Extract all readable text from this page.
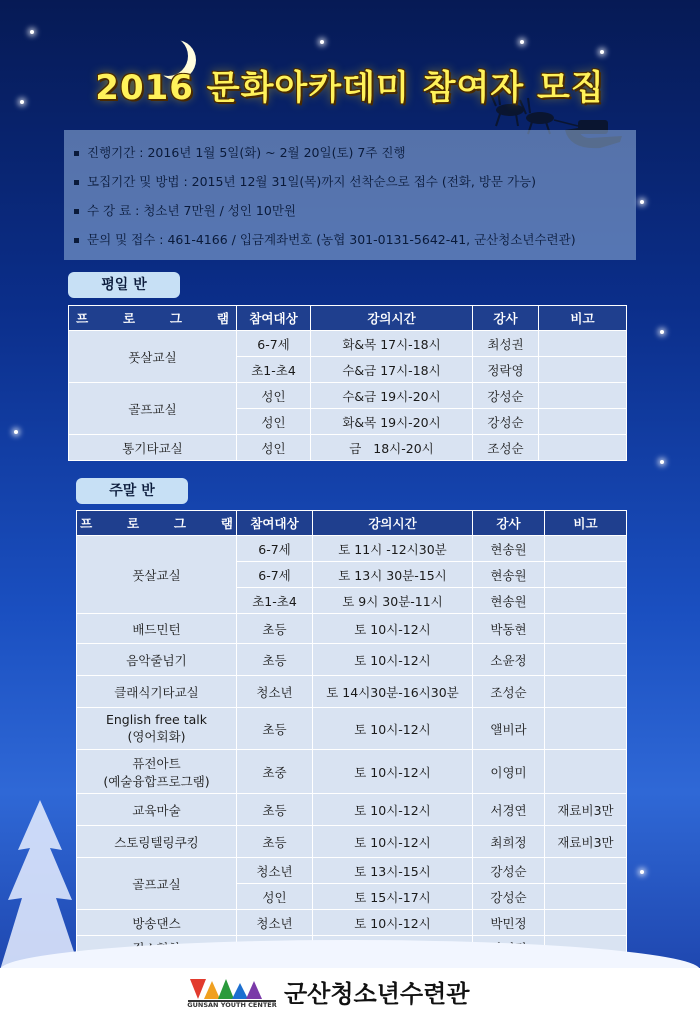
2016 문화아카데미 참여자 모집
진행기간 : 2016년 1월 5일(화) ~ 2월 20일(토) 7주 진행
모집기간 및 방법 : 2015년 12월 31일(목)까지 선착순으로 접수 (전화, 방문 가능)
수 강 료 : 청소년 7만원 / 성인 10만원
문의 및 접수 : 461-4166 / 입금계좌번호 (농협 301-0131-5642-41, 군산청소년수련관)
평일 반
프 로 그 램	참여대상	강의시간	강사	비고
풋살교실	6-7세	화&목 17시-18시	최성권	
	초1-초4	수&금 17시-18시	정락영	
골프교실	성인	수&금 19시-20시	강성순	
	성인	화&목 19시-20시	강성순	
통기타교실	성인	금   18시-20시	조성순	
주말 반
프 로 그 램	참여대상	강의시간	강사	비고
풋살교실	6-7세	토 11시 -12시30분	현송원	
	6-7세	토 13시 30분-15시	현송원	
	초1-초4	토 9시 30분-11시	현송원	
배드민턴	초등	토 10시-12시	박동현	
음악줄넘기	초등	토 10시-12시	소윤정	
클래식기타교실	청소년	토 14시30분-16시30분	조성순	

English free talk
(영어회화)	초등	토 10시-12시	앨비라	

퓨전아트
(예술융합프로그램)	초중	토 10시-12시	이영미	
교육마술	초등	토 10시-12시	서경연	재료비3만
스토링텔링쿠킹	초등	토 10시-12시	최희정	재료비3만
골프교실	청소년	토 13시-15시	강성순	
	성인	토 15시-17시	강성순	
방송댄스	청소년	토 10시-12시	박민정	

GUNSAN YOUTH CENTER 군산청소년수련관
